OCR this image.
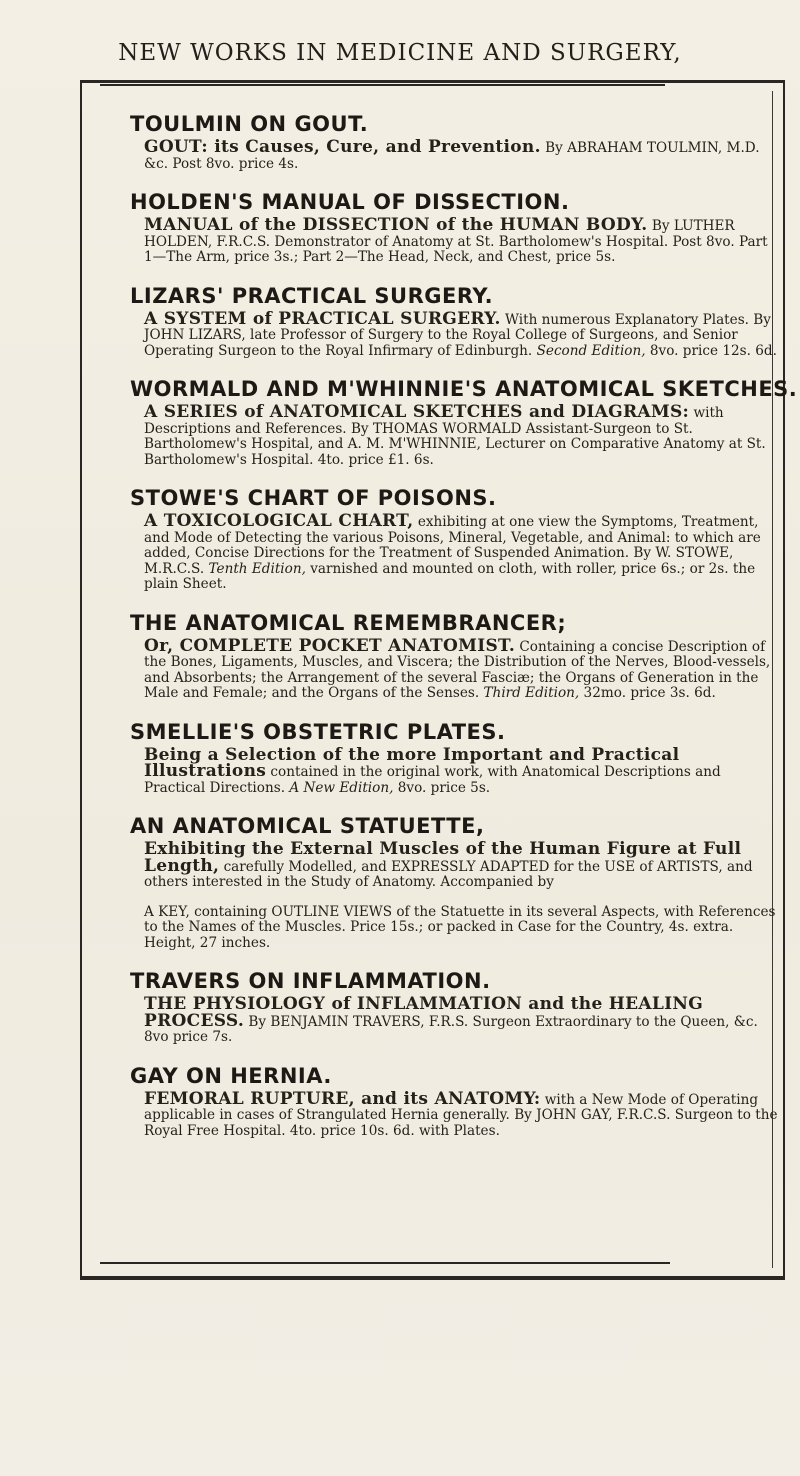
NEW WORKS IN MEDICINE AND SURGERY,
TOULMIN ON GOUT.

GOUT: its Causes, Cure, and Prevention. By ABRAHAM TOULMIN, M.D. &c. Post 8vo. price 4s.

HOLDEN'S MANUAL OF DISSECTION.

MANUAL of the DISSECTION of the HUMAN BODY. By LUTHER HOLDEN, F.R.C.S. Demonstrator of Anatomy at St. Bartholomew's Hospital. Post 8vo. Part 1—The Arm, price 3s.; Part 2—The Head, Neck, and Chest, price 5s.

LIZARS' PRACTICAL SURGERY.

A SYSTEM of PRACTICAL SURGERY. With numerous Explanatory Plates. By JOHN LIZARS, late Professor of Surgery to the Royal College of Surgeons, and Senior Operating Surgeon to the Royal Infirmary of Edinburgh. Second Edition, 8vo. price 12s. 6d.

WORMALD AND M'WHINNIE'S ANATOMICAL SKETCHES.

A SERIES of ANATOMICAL SKETCHES and DIAGRAMS: with Descriptions and References. By THOMAS WORMALD Assistant-Surgeon to St. Bartholomew's Hospital, and A. M. M'WHINNIE, Lecturer on Comparative Anatomy at St. Bartholomew's Hospital. 4to. price £1. 6s.

STOWE'S CHART OF POISONS.

A TOXICOLOGICAL CHART, exhibiting at one view the Symptoms, Treatment, and Mode of Detecting the various Poisons, Mineral, Vegetable, and Animal: to which are added, Concise Directions for the Treatment of Suspended Animation. By W. STOWE, M.R.C.S. Tenth Edition, varnished and mounted on cloth, with roller, price 6s.; or 2s. the plain Sheet.

THE ANATOMICAL REMEMBRANCER;

Or, COMPLETE POCKET ANATOMIST. Containing a concise Description of the Bones, Ligaments, Muscles, and Viscera; the Distribution of the Nerves, Blood-vessels, and Absorbents; the Arrangement of the several Fasciæ; the Organs of Generation in the Male and Female; and the Organs of the Senses. Third Edition, 32mo. price 3s. 6d.

SMELLIE'S OBSTETRIC PLATES.

Being a Selection of the more Important and Practical Illustrations contained in the original work, with Anatomical Descriptions and Practical Directions. A New Edition, 8vo. price 5s.

AN ANATOMICAL STATUETTE,

Exhibiting the External Muscles of the Human Figure at Full Length, carefully Modelled, and EXPRESSLY ADAPTED for the USE of ARTISTS, and others interested in the Study of Anatomy. Accompanied by

A KEY, containing OUTLINE VIEWS of the Statuette in its several Aspects, with References to the Names of the Muscles. Price 15s.; or packed in Case for the Country, 4s. extra. Height, 27 inches.

TRAVERS ON INFLAMMATION.

THE PHYSIOLOGY of INFLAMMATION and the HEALING PROCESS. By BENJAMIN TRAVERS, F.R.S. Surgeon Extraordinary to the Queen, &c. 8vo price 7s.

GAY ON HERNIA.

FEMORAL RUPTURE, and its ANATOMY: with a New Mode of Operating applicable in cases of Strangulated Hernia generally. By JOHN GAY, F.R.C.S. Surgeon to the Royal Free Hospital. 4to. price 10s. 6d. with Plates.
